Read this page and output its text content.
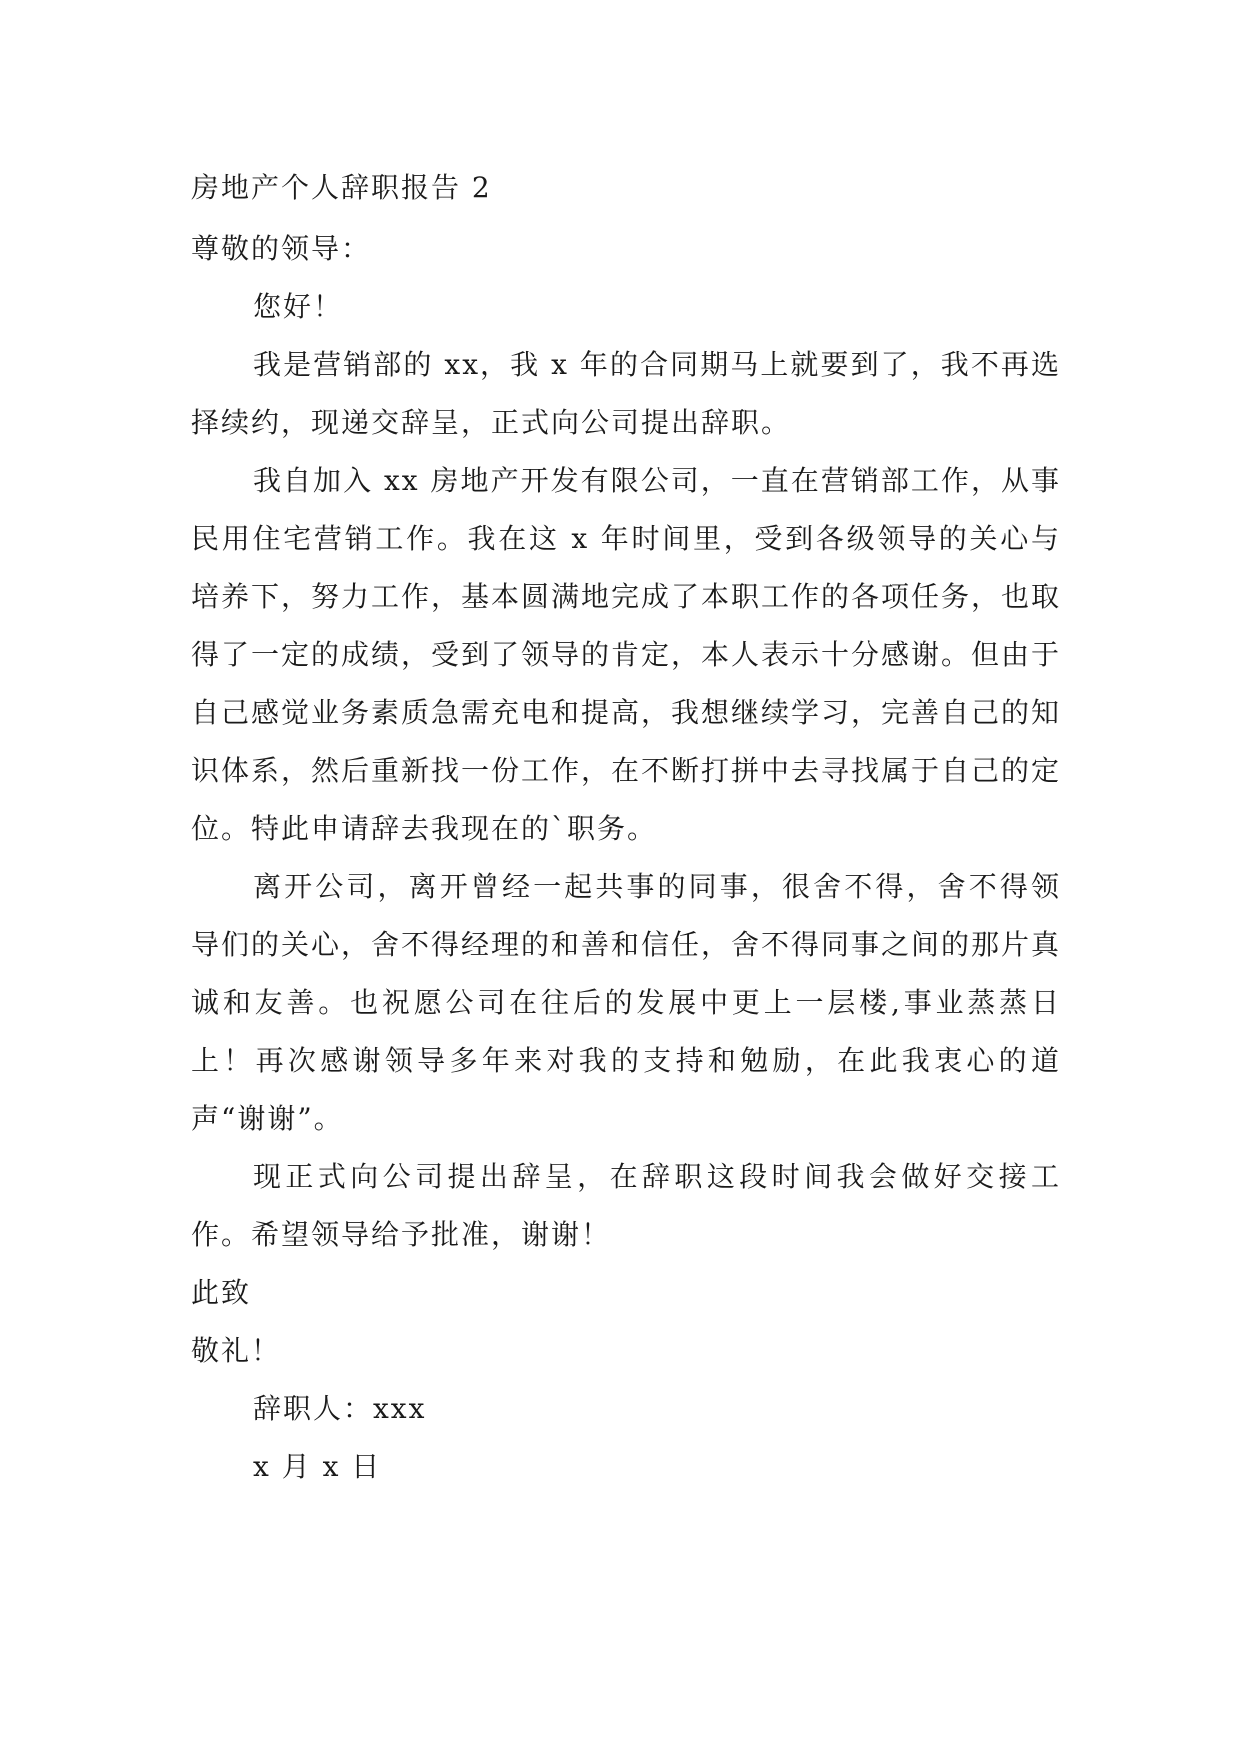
房地产个人辞职报告 2
尊敬的领导：
您好！

我是营销部的 xx，我 x 年的合同期马上就要到了，我不再选择续约，现递交辞呈，正式向公司提出辞职。

我自加入 xx 房地产开发有限公司，一直在营销部工作，从事民用住宅营销工作。我在这 x 年时间里，受到各级领导的关心与培养下，努力工作，基本圆满地完成了本职工作的各项任务，也取得了一定的成绩，受到了领导的肯定，本人表示十分感谢。但由于自己感觉业务素质急需充电和提高，我想继续学习，完善自己的知识体系，然后重新找一份工作，在不断打拼中去寻找属于自己的定位。特此申请辞去我现在的`职务。

离开公司，离开曾经一起共事的同事，很舍不得，舍不得领导们的关心，舍不得经理的和善和信任，舍不得同事之间的那片真诚和友善。也祝愿公司在往后的发展中更上一层楼,事业蒸蒸日上！再次感谢领导多年来对我的支持和勉励，在此我衷心的道声“谢谢”。

现正式向公司提出辞呈，在辞职这段时间我会做好交接工作。希望领导给予批准，谢谢！

此致
敬礼！
辞职人：xxx
x 月 x 日
